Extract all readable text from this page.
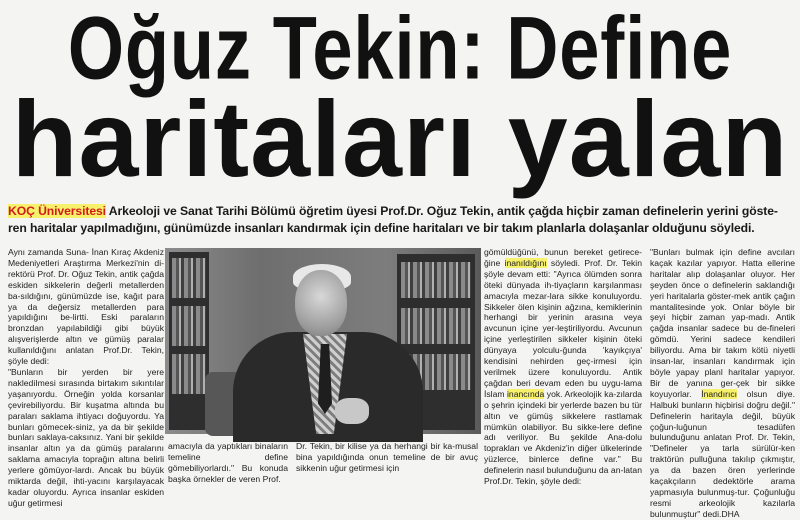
Oğuz Tekin: Define
haritaları yalan
KOÇ Üniversitesi Arkeoloji ve Sanat Tarihi Bölümü öğretim üyesi Prof.Dr. Oğuz Tekin, antik çağda hiçbir zaman definelerin yerini göste-ren haritalar yapılmadığını, günümüzde insanları kandırmak için define haritaları ve bir takım planlarla dolaşanlar olduğunu söyledi.

Aynı zamanda Suna- İnan Kıraç Akdeniz Medeniyetleri Araştırma Merkezi'nin di-rektörü Prof. Dr. Oğuz Tekin, antik çağda eskiden sikkelerin değerli metallerden ba-sıldığını, günümüzde ise, kağıt para ya da değersiz metallerden para yapıldığını be-lirtti. Eski paraların bronzdan yapılabildiği gibi büyük alışverişlerde altın ve gümüş paralar kullanıldığını anlatan Prof.Dr. Tekin, şöyle dedi:

"Bunların bir yerden bir yere naklediImesi sırasında birtakım sıkıntılar yaşanıyordu. Örneğin yolda korsanlar çevirebiliyordu. Bir kuşatma altında bu paraları saklama ihtiyacı doğuyordu. Ya bunları gömecek-siniz, ya da bir şekilde bunları saklaya-caksınız. Yani bir şekilde insanlar altın ya da gümüş paralarını saklama amacıyla toprağın altına belirli yerlere gömüyor-lardı. Ancak bu büyük miktarda değil, ihti-yacını karşılayacak kadar oluyordu. Ayrıca insanlar eskiden uğur getirmesi

amacıyla da yaptıkları binaların temeline define gömebiliyorlardı." Bu konuda başka örnekler de veren Prof.

Dr. Tekin, bir kilise ya da herhangi bir ka-musal bina yapıldığında onun temeline de bir avuç sikkenin uğur getirmesi için

gömüldüğünü, bunun bereket getirece-ğine inanıldığını söyledi. Prof. Dr. Tekin şöyle devam etti: "Ayrıca ölümden sonra öteki dünyada ih-tiyaçların karşılanması amacıyla mezar-lara sikke konuluyordu. Sikkeler ölen kişinin ağzına, kemiklerinin herhangi bir yerinin arasına veya avcunun içine yer-leştiriliyordu. Avcunun içine yerleştirilen sikkeler kişinin öteki dünyaya yolculu-ğunda 'kayıkçıya' kendisini nehirden geç-irmesi için verilmek üzere konuluyordu. Antik çağdan beri devam eden bu uygu-lama İslam inancında yok. Arkeolojik ka-zılarda o şehrin içindeki bir yerlerde bazen bu tür altın ve gümüş sikkelere rastlamak mümkün olabiliyor. Bu sikke-lere define adı veriliyor. Bu şekilde Ana-dolu toprakları ve Akdeniz'in diğer ülkelerinde yüzlerce, binlerce define var." Bu definelerin nasıl bulunduğunu da an-latan Prof.Dr. Tekin, şöyle dedi:

"Bunları bulmak için define avcıları kaçak kazılar yapıyor. Hatta ellerine haritalar alıp dolaşanlar oluyor. Her şeyden önce o definelerin saklandığı yeri haritalarla göster-mek antik çağın mantalitesinde yok. Onlar böyle bir şeyi hiçbir zaman yap-madı. Antik çağda insanlar sadece bu de-fineleri gömdü. Yerini sadece kendileri biliyordu. Ama bir takım kötü niyetli insan-lar, insanları kandırmak için böyle yapay planl haritalar yapıyor. Bir de yanına ger-çek bir sikke koyuyorlar. İnandırıcı olsun diye. Halbuki bunların hiçbirisi doğru değil." Definelerin haritayla değil, büyük çoğun-luğunun tesadüfen bulunduğunu anlatan Prof. Dr. Tekin, "Defineler ya tarla sürülür-ken traktörün pulluğuna takılıp çıkmıştır, ya da bazen ören yerlerinde kaçakçıların dedektörle arama yapmasıyla bulunmuş-tur. Çoğunluğu resmi arkeolojik kazılarla bulunmuştur" dedi.DHA
